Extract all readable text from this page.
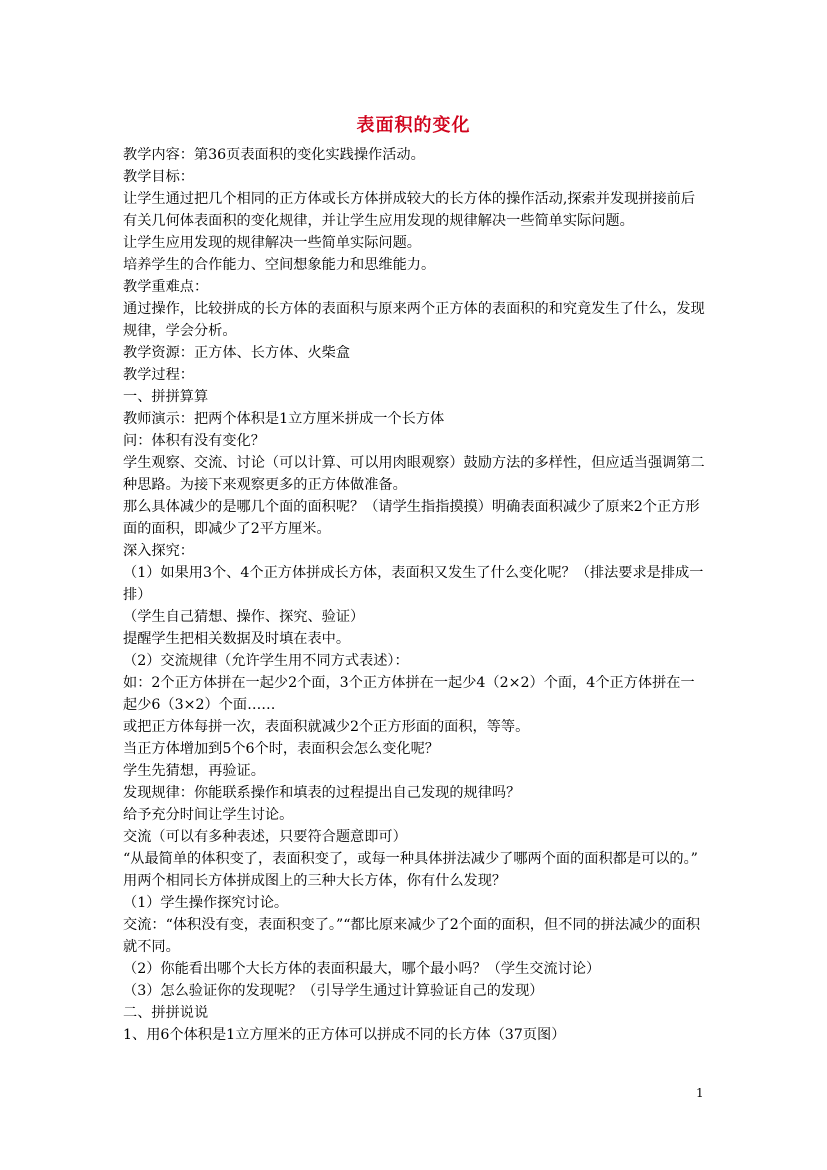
表面积的变化

教学内容：第36页表面积的变化实践操作活动。

教学目标：

让学生通过把几个相同的正方体或长方体拼成较大的长方体的操作活动,探索并发现拼接前后有关几何体表面积的变化规律，并让学生应用发现的规律解决一些简单实际问题。

让学生应用发现的规律解决一些简单实际问题。

培养学生的合作能力、空间想象能力和思维能力。

教学重难点：

通过操作，比较拼成的长方体的表面积与原来两个正方体的表面积的和究竟发生了什么，发现规律，学会分析。

教学资源：正方体、长方体、火柴盒

教学过程：

一、拼拼算算

教师演示：把两个体积是1立方厘米拼成一个长方体

问：体积有没有变化？

学生观察、交流、讨论（可以计算、可以用肉眼观察）鼓励方法的多样性，但应适当强调第二种思路。为接下来观察更多的正方体做准备。

那么具体减少的是哪几个面的面积呢？（请学生指指摸摸）明确表面积减少了原来2个正方形面的面积，即减少了2平方厘米。

深入探究：

（1）如果用3个、4个正方体拼成长方体，表面积又发生了什么变化呢？（排法要求是排成一排）

（学生自己猜想、操作、探究、验证）

提醒学生把相关数据及时填在表中。

（2）交流规律（允许学生用不同方式表述）：

如：2个正方体拼在一起少2个面，3个正方体拼在一起少4（2×2）个面，4个正方体拼在一起少6（3×2）个面……

或把正方体每拼一次，表面积就减少2个正方形面的面积，等等。

当正方体增加到5个6个时，表面积会怎么变化呢？

学生先猜想，再验证。

发现规律：你能联系操作和填表的过程提出自己发现的规律吗？

给予充分时间让学生讨论。

交流（可以有多种表述，只要符合题意即可）

“从最简单的体积变了，表面积变了，或每一种具体拼法减少了哪两个面的面积都是可以的。”

用两个相同长方体拼成图上的三种大长方体，你有什么发现？

（1）学生操作探究讨论。

交流：“体积没有变，表面积变了。”“都比原来减少了2个面的面积，但不同的拼法减少的面积就不同。

（2）你能看出哪个大长方体的表面积最大，哪个最小吗？（学生交流讨论）

（3）怎么验证你的发现呢？（引导学生通过计算验证自己的发现）

二、拼拼说说

1、用6个体积是1立方厘米的正方体可以拼成不同的长方体（37页图）

1
